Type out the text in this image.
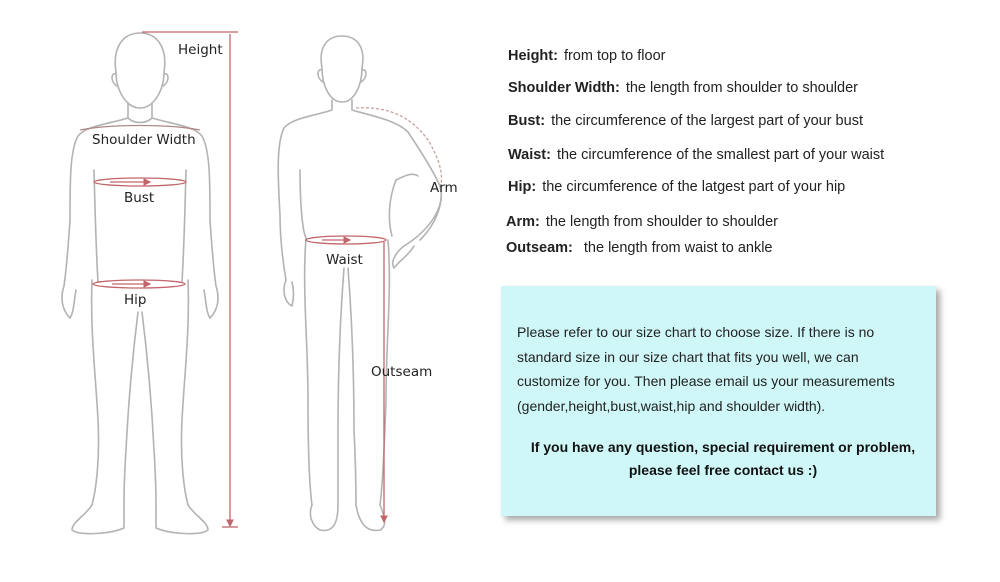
Height
Shoulder Width
Bust
Hip
Arm
Waist
Outseam
Height: from top to floor
Shoulder Width: the length from shoulder to shoulder
Bust: the circumference of the largest part of your bust
Waist: the circumference of the smallest part of your waist
Hip: the circumference of the latgest part of your hip
Arm: the length from shoulder to shoulder
Outseam: the length from waist to ankle

Please refer to our size chart to choose size. If there is no

standard size in our size chart that fits you well, we can

customize for you. Then please email us your measurements

(gender,height,bust,waist,hip and shoulder width).

If you have any question, special requirement or problem,

please feel free contact us :)
